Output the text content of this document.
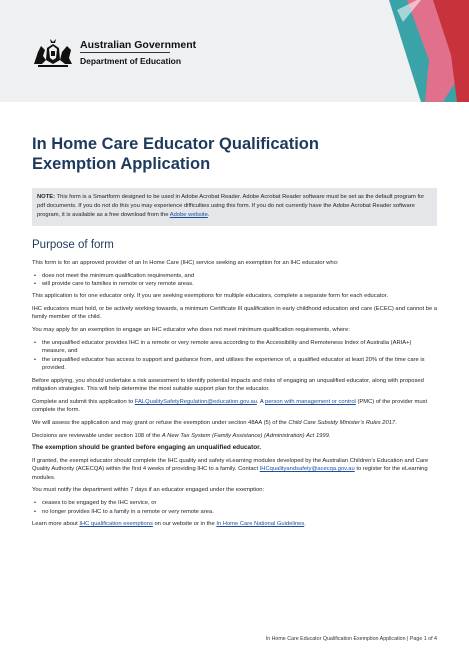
Australian Government
Department of Education
In Home Care Educator Qualification
Exemption Application
NOTE: This form is a Smartform designed to be used in Adobe Acrobat Reader. Adobe Acrobat Reader software must be set as the default program for pdf documents. If you do not do this you may experience difficulties using this form. If you do not currently have the Adobe Acrobat Reader software program, it is available as a free download from the Adobe website.
Purpose of form

This form is for an approved provider of an In Home Care (IHC) service seeking an exemption for an IHC educator who:

• does not meet the minimum qualification requirements, and
• will provide care to families in remote or very remote areas.

This application is for one educator only. If you are seeking exemptions for multiple educators, complete a separate form for each educator.

IHC educators must hold, or be actively working towards, a minimum Certificate III qualification in early childhood education and care (ECEC) and cannot be a family member of the child.

You may apply for an exemption to engage an IHC educator who does not meet minimum qualification requirements, where:

• the unqualified educator provides IHC in a remote or very remote area according to the Accessibility and Remoteness Index of Australia (ARIA+) measure, and
• the unqualified educator has access to support and guidance from, and utilises the experience of, a qualified educator at least 20% of the time care is provided.

Before applying, you should undertake a risk assessment to identify potential impacts and risks of engaging an unqualified educator, along with proposed mitigation strategies. This will help determine the most suitable support plan for the educator.

Complete and submit this application to FALQualitySafetyRegulation@education.gov.au. A person with management or control (PMC) of the provider must complete the form.

We will assess the application and may grant or refuse the exemption under section 48AA (5) of the Child Care Subsidy Minister’s Rules 2017.

Decisions are reviewable under section 108 of the A New Tax System (Family Assistance) (Administration) Act 1999.

The exemption should be granted before engaging an unqualified educator.

If granted, the exempt educator should complete the IHC quality and safety eLearning modules developed by the Australian Children’s Education and Care Quality Authority (ACECQA) within the first 4 weeks of providing IHC to a family. Contact IHCqualityandsafety@acecqa.gov.au to register for the eLearning modules.

You must notify the department within 7 days if an educator engaged under the exemption:

• ceases to be engaged by the IHC service, or
• no longer provides IHC to a family in a remote or very remote area.

Learn more about IHC qualification exemptions on our website or in the In Home Care National Guidelines.

In Home Care Educator Qualification Exemption Application | Page 1 of 4
